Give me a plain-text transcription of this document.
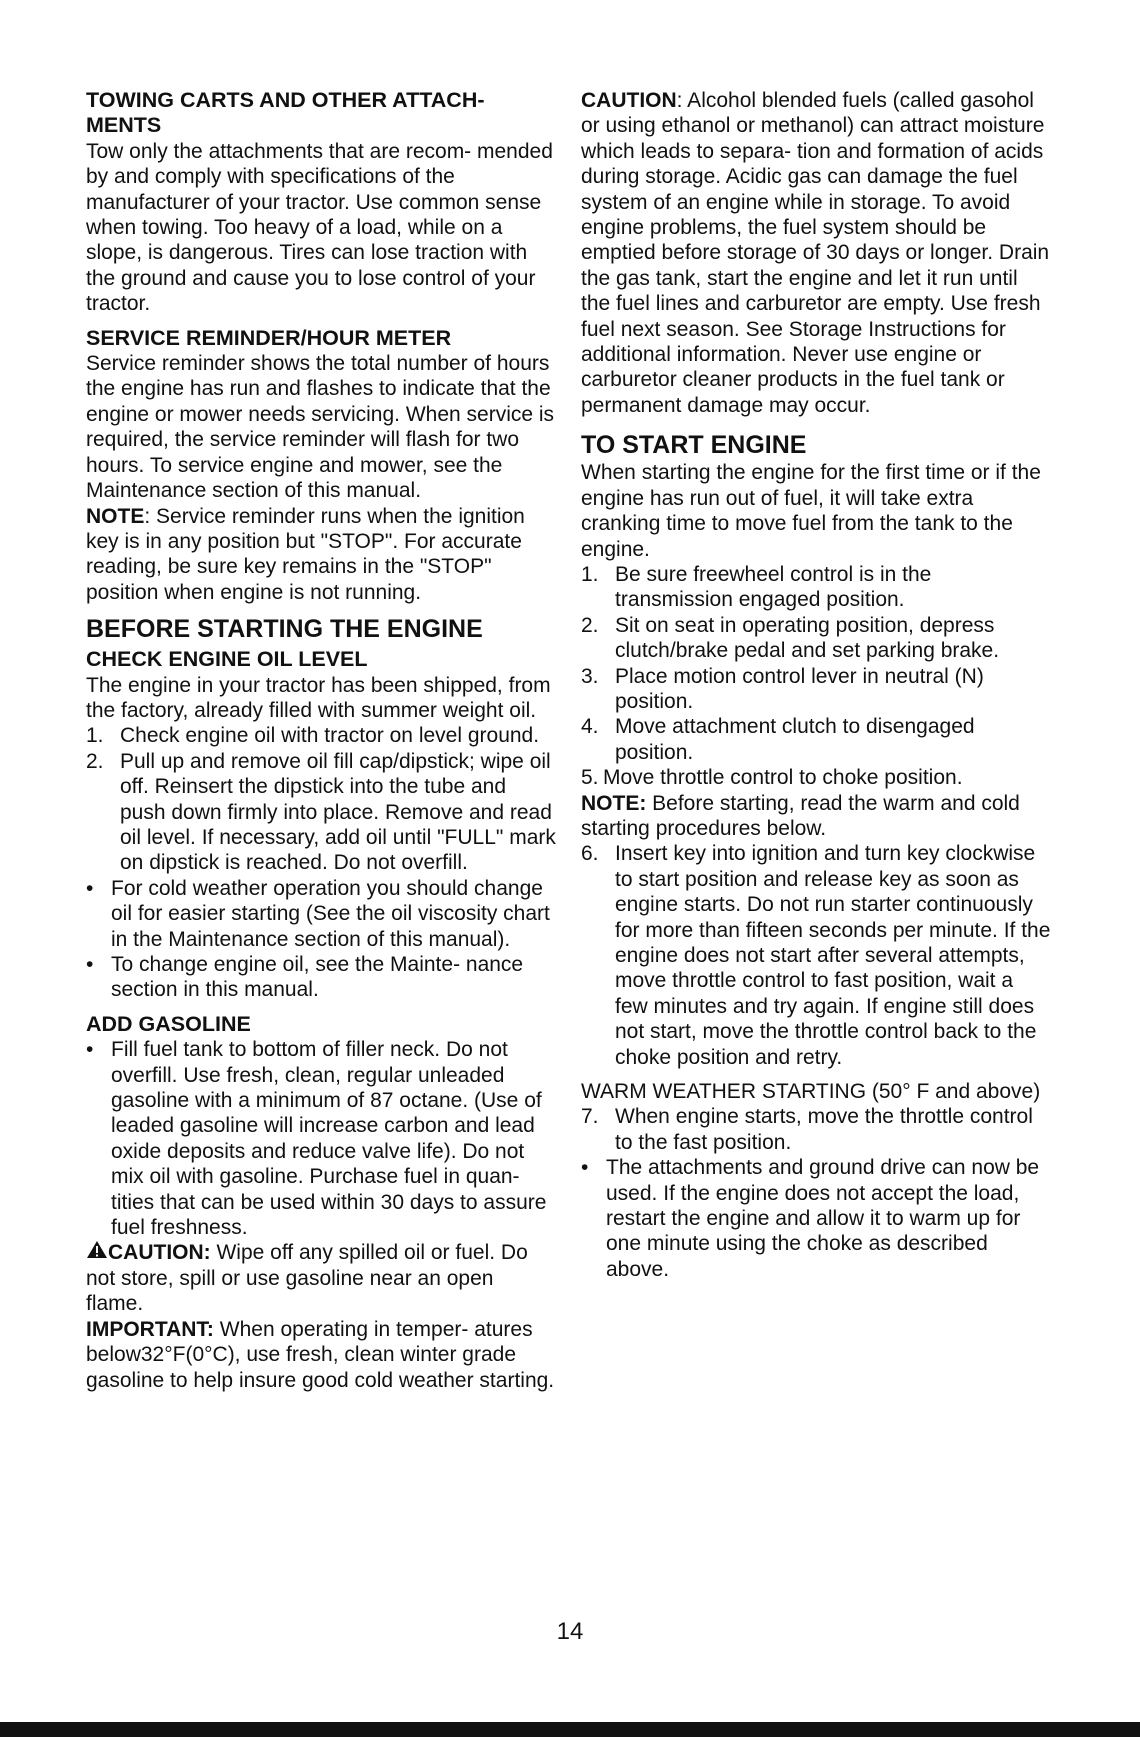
TOWING CARTS AND OTHER ATTACH- MENTS

Tow only the attachments that are recom- mended by and comply with specifications of the manufacturer of your tractor. Use common sense when towing. Too heavy of a load, while on a slope, is dangerous. Tires can lose traction with the ground and cause you to lose control of your tractor.

SERVICE REMINDER/HOUR METER

Service reminder shows the total number of hours the engine has run and flashes to indicate that the engine or mower needs servicing. When service is required, the service reminder will flash for two hours. To service engine and mower, see the Maintenance section of this manual.

NOTE: Service reminder runs when the ignition key is in any position but "STOP". For accurate reading, be sure key remains in the "STOP" position when engine is not running.

BEFORE STARTING THE ENGINE
CHECK ENGINE OIL LEVEL

The engine in your tractor has been shipped, from the factory, already filled with summer weight oil.

1. Check engine oil with tractor on level ground.
2. Pull up and remove oil fill cap/dipstick; wipe oil off. Reinsert the dipstick into the tube and push down firmly into place. Remove and read oil level. If necessary, add oil until "FULL" mark on dipstick is reached. Do not overfill.
• For cold weather operation you should change oil for easier starting (See the oil viscosity chart in the Maintenance section of this manual).
• To change engine oil, see the Mainte- nance section in this manual.
ADD GASOLINE
• Fill fuel tank to bottom of filler neck. Do not overfill. Use fresh, clean, regular unleaded gasoline with a minimum of 87 octane. (Use of leaded gasoline will increase carbon and lead oxide deposits and reduce valve life). Do not mix oil with gasoline. Purchase fuel in quan- tities that can be used within 30 days to assure fuel freshness.

CAUTION: Wipe off any spilled oil or fuel. Do not store, spill or use gasoline near an open flame.

IMPORTANT: When operating in temper- atures below32°F(0°C), use fresh, clean winter grade gasoline to help insure good cold weather starting.

CAUTION: Alcohol blended fuels (called gasohol or using ethanol or methanol) can attract moisture which leads to separa- tion and formation of acids during storage. Acidic gas can damage the fuel system of an engine while in storage. To avoid engine problems, the fuel system should be emptied before storage of 30 days or longer. Drain the gas tank, start the engine and let it run until the fuel lines and carburetor are empty. Use fresh fuel next season. See Storage Instructions for additional information. Never use engine or carburetor cleaner products in the fuel tank or permanent damage may occur.

TO START ENGINE

When starting the engine for the first time or if the engine has run out of fuel, it will take extra cranking time to move fuel from the tank to the engine.

1. Be sure freewheel control is in the transmission engaged position.
2. Sit on seat in operating position, depress clutch/brake pedal and set parking brake.
3. Place motion control lever in neutral (N) position.
4. Move attachment clutch to disengaged position.
5. Move throttle control to choke position.

NOTE: Before starting, read the warm and cold starting procedures below.

6. Insert key into ignition and turn key clockwise to start position and release key as soon as engine starts. Do not run starter continuously for more than fifteen seconds per minute. If the engine does not start after several attempts, move throttle control to fast position, wait a few minutes and try again. If engine still does not start, move the throttle control back to the choke position and retry.

WARM WEATHER STARTING (50° F and above)

7. When engine starts, move the throttle control to the fast position.
• The attachments and ground drive can now be used. If the engine does not accept the load, restart the engine and allow it to warm up for one minute using the choke as described above.
14
